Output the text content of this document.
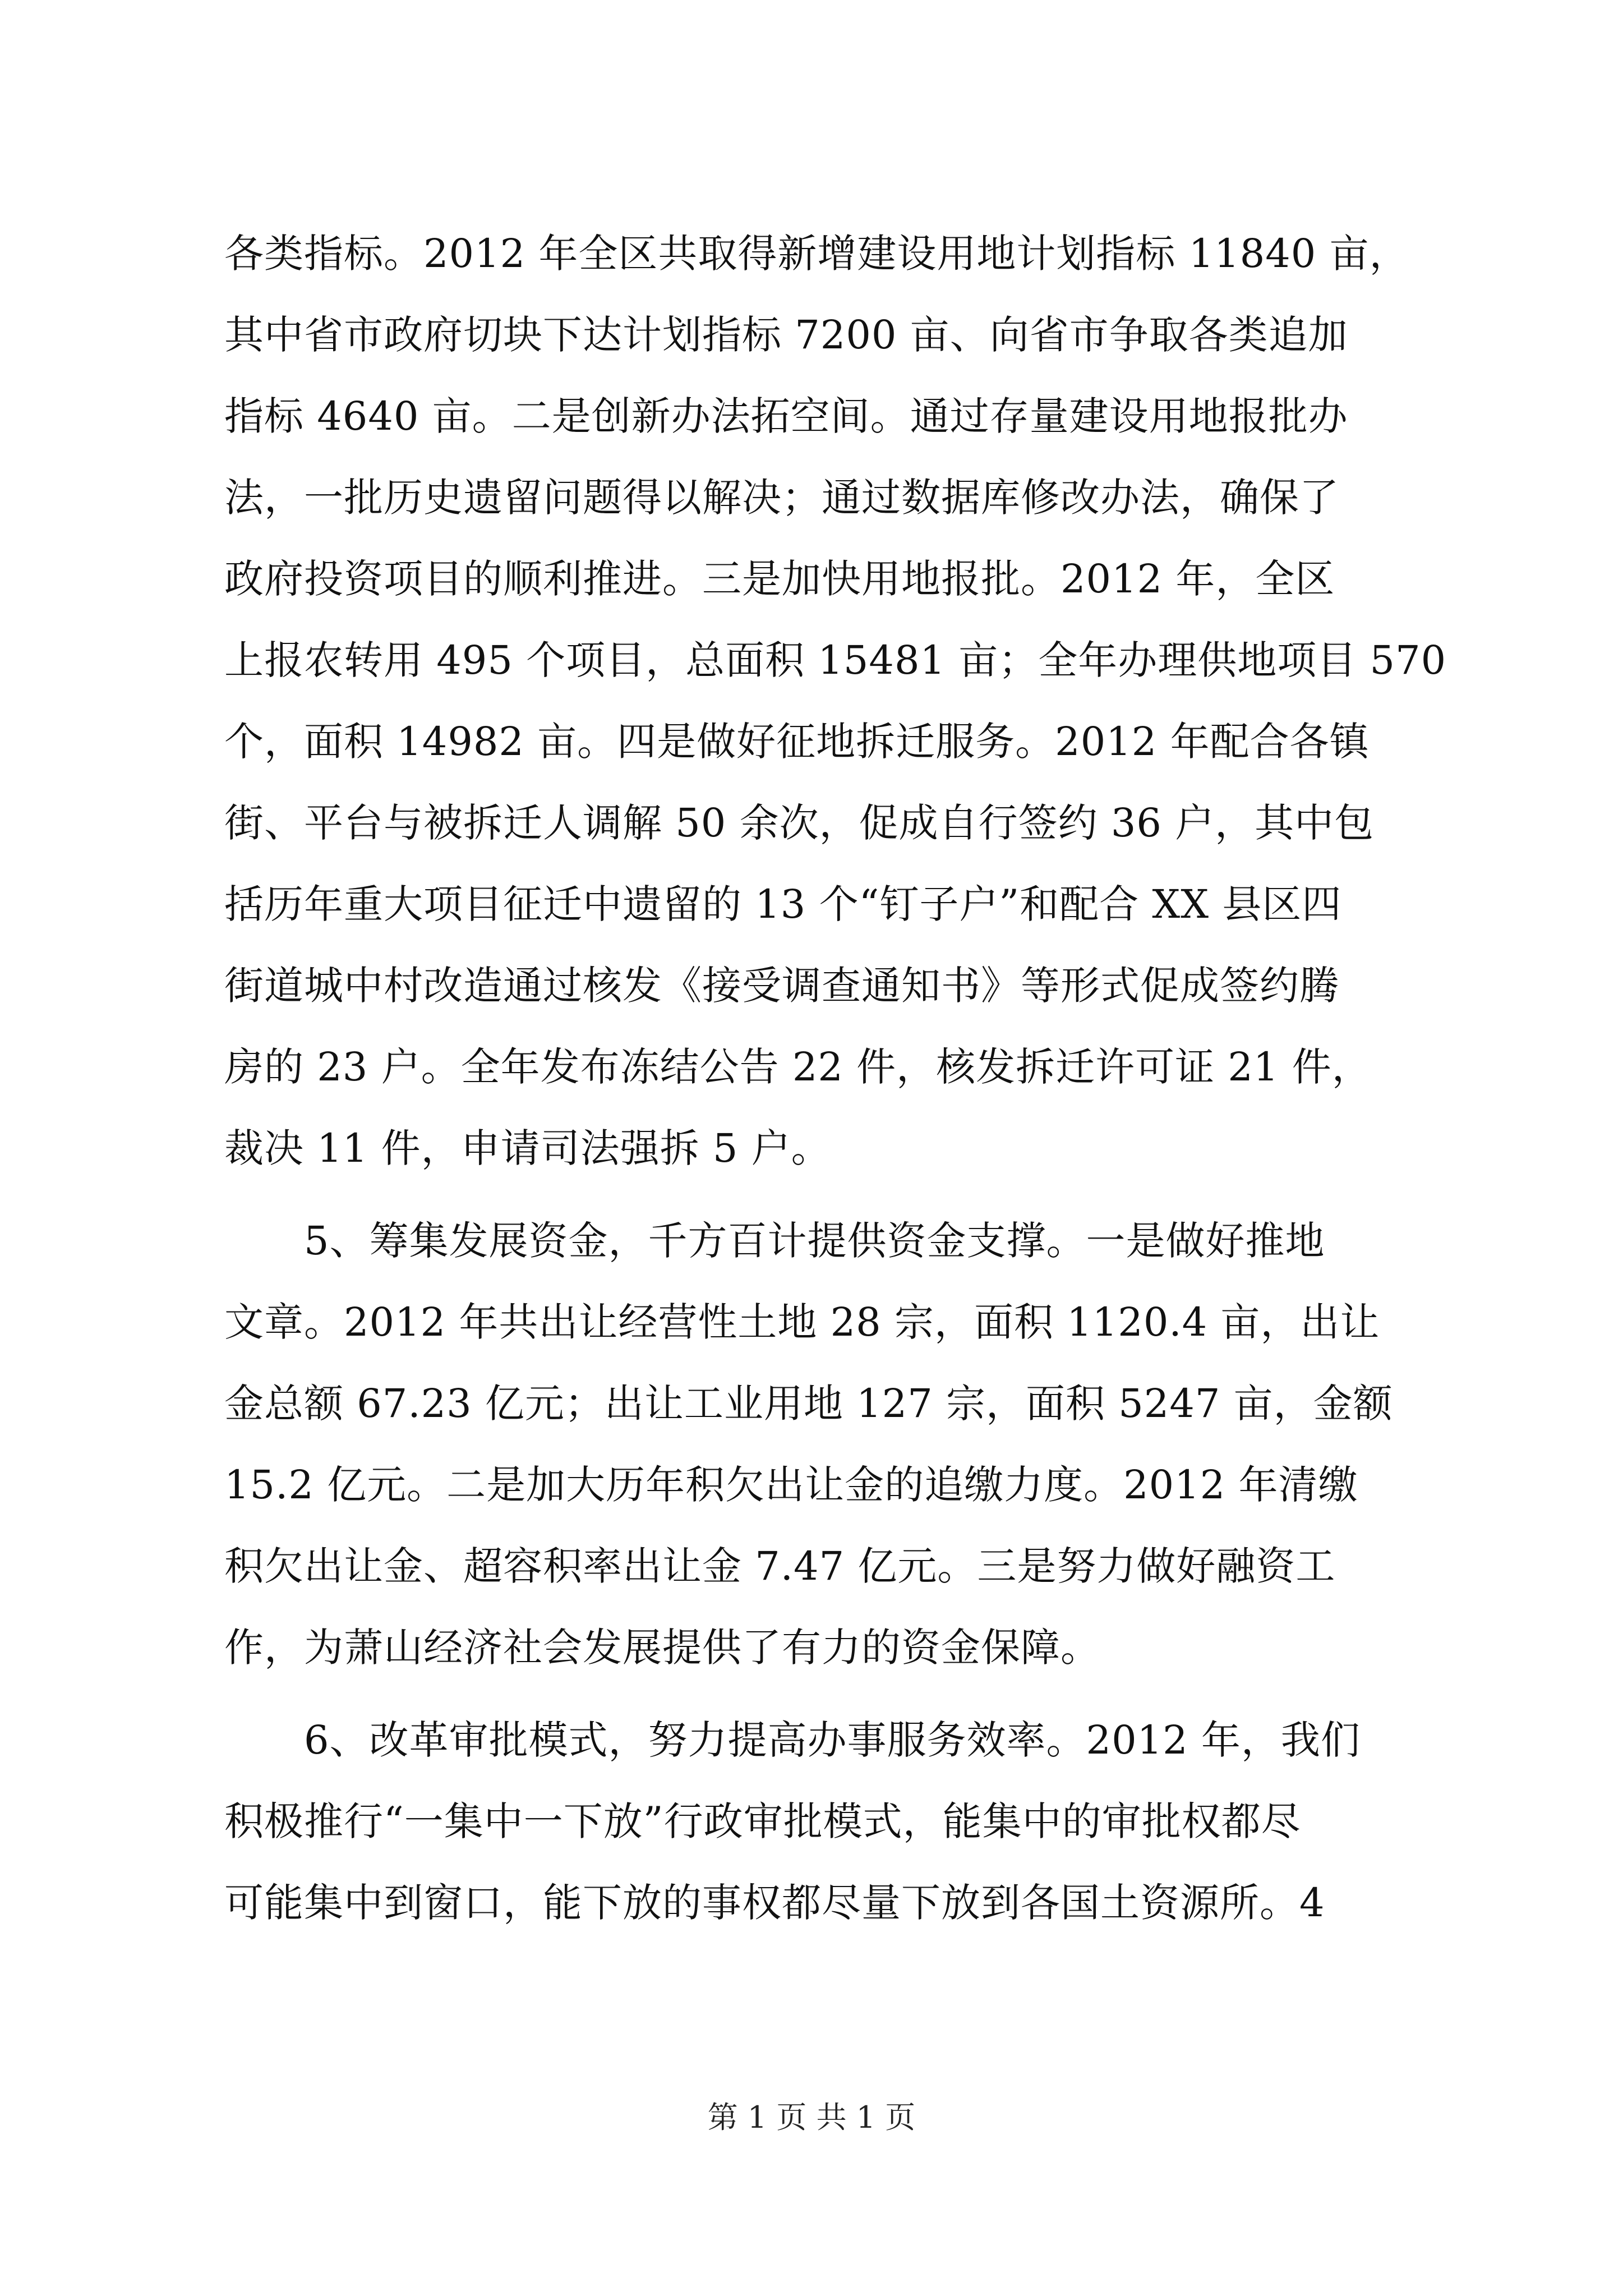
各类指标。2012 年全区共取得新增建设用地计划指标 11840 亩，
其中省市政府切块下达计划指标 7200 亩、向省市争取各类追加
指标 4640 亩。二是创新办法拓空间。通过存量建设用地报批办
法，一批历史遗留问题得以解决；通过数据库修改办法，确保了
政府投资项目的顺利推进。三是加快用地报批。2012 年，全区
上报农转用 495 个项目，总面积 15481 亩；全年办理供地项目 570
个，面积 14982 亩。四是做好征地拆迁服务。2012 年配合各镇
街、平台与被拆迁人调解 50 余次，促成自行签约 36 户，其中包
括历年重大项目征迁中遗留的 13 个“钉子户”和配合 XX 县区四
街道城中村改造通过核发《接受调查通知书》等形式促成签约腾
房的 23 户。全年发布冻结公告 22 件，核发拆迁许可证 21 件，
裁决 11 件，申请司法强拆 5 户。
　　5、筹集发展资金，千方百计提供资金支撑。一是做好推地
文章。2012 年共出让经营性土地 28 宗，面积 1120.4 亩，出让
金总额 67.23 亿元；出让工业用地 127 宗，面积 5247 亩，金额
15.2 亿元。二是加大历年积欠出让金的追缴力度。2012 年清缴
积欠出让金、超容积率出让金 7.47 亿元。三是努力做好融资工
作，为萧山经济社会发展提供了有力的资金保障。
　　6、改革审批模式，努力提高办事服务效率。2012 年，我们
积极推行“一集中一下放”行政审批模式，能集中的审批权都尽
可能集中到窗口，能下放的事权都尽量下放到各国土资源所。4
第 1 页 共 1 页
